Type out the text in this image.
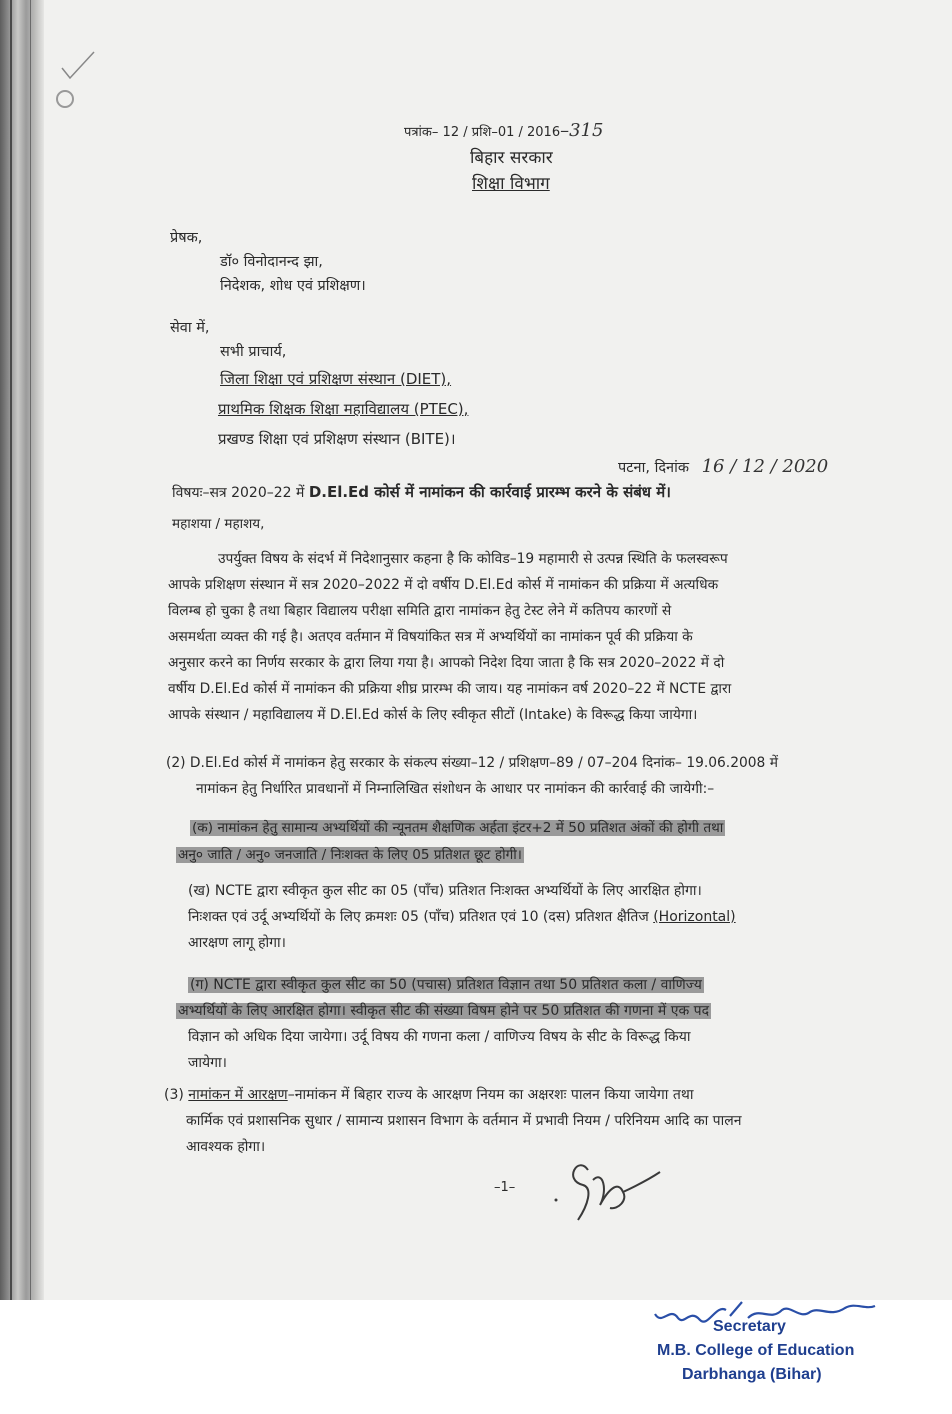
पत्रांक– 12 / प्रशि–01 / 2016–315
बिहार सरकार
शिक्षा विभाग
प्रेषक,
डॉ० विनोदानन्द झा,
निदेशक, शोध एवं प्रशिक्षण।
सेवा में,
सभी प्राचार्य,
जिला शिक्षा एवं प्रशिक्षण संस्थान (DIET),
प्राथमिक शिक्षक शिक्षा महाविद्यालय (PTEC),
प्रखण्ड शिक्षा एवं प्रशिक्षण संस्थान (BITE)।
पटना, दिनांक 16 / 12 / 2020
विषयः–सत्र 2020–22 में D.El.Ed कोर्स में नामांकन की कार्रवाई प्रारम्भ करने के संबंध में।
महाशया / महाशय,
उपर्युक्त विषय के संदर्भ में निदेशानुसार कहना है कि कोविड–19 महामारी से उत्पन्न स्थिति के फलस्वरूप
आपके प्रशिक्षण संस्थान में सत्र 2020–2022 में दो वर्षीय D.El.Ed कोर्स में नामांकन की प्रक्रिया में अत्यधिक
विलम्ब हो चुका है तथा बिहार विद्यालय परीक्षा समिति द्वारा नामांकन हेतु टेस्ट लेने में कतिपय कारणों से
असमर्थता व्यक्त की गई है। अतएव वर्तमान में विषयांकित सत्र में अभ्यर्थियों का नामांकन पूर्व की प्रक्रिया के
अनुसार करने का निर्णय सरकार के द्वारा लिया गया है। आपको निदेश दिया जाता है कि सत्र 2020–2022 में दो
वर्षीय D.El.Ed कोर्स में नामांकन की प्रक्रिया शीघ्र प्रारम्भ की जाय। यह नामांकन वर्ष 2020–22 में NCTE द्वारा
आपके संस्थान / महाविद्यालय में D.El.Ed कोर्स के लिए स्वीकृत सीटों (Intake) के विरूद्ध किया जायेगा।
(2) D.El.Ed कोर्स में नामांकन हेतु सरकार के संकल्प संख्या–12 / प्रशिक्षण–89 / 07–204 दिनांक– 19.06.2008 में
नामांकन हेतु निर्धारित प्रावधानों में निम्नालिखित संशोधन के आधार पर नामांकन की कार्रवाई की जायेगी:–
(क) नामांकन हेतु सामान्य अभ्यर्थियों की न्यूनतम शैक्षणिक अर्हता इंटर+2 में 50 प्रतिशत अंकों की होगी तथा
अनु० जाति / अनु० जनजाति / निःशक्त के लिए 05 प्रतिशत छूट होगी।
(ख) NCTE द्वारा स्वीकृत कुल सीट का 05 (पाँच) प्रतिशत निःशक्त अभ्यर्थियों के लिए आरक्षित होगा।
निःशक्त एवं उर्दू अभ्यर्थियों के लिए क्रमशः 05 (पाँच) प्रतिशत एवं 10 (दस) प्रतिशत क्षैतिज (Horizontal)
आरक्षण लागू होगा।
(ग) NCTE द्वारा स्वीकृत कुल सीट का 50 (पचास) प्रतिशत विज्ञान तथा 50 प्रतिशत कला / वाणिज्य
अभ्यर्थियों के लिए आरक्षित होगा। स्वीकृत सीट की संख्या विषम होने पर 50 प्रतिशत की गणना में एक पद
विज्ञान को अधिक दिया जायेगा। उर्दू विषय की गणना कला / वाणिज्य विषय के सीट के विरूद्ध किया
जायेगा।
(3) नामांकन में आरक्षण–नामांकन में बिहार राज्य के आरक्षण नियम का अक्षरशः पालन किया जायेगा तथा
कार्मिक एवं प्रशासनिक सुधार / सामान्य प्रशासन विभाग के वर्तमान में प्रभावी नियम / परिनियम आदि का पालन
आवश्यक होगा।
–1–
Secretary
M.B. College of Education
Darbhanga (Bihar)
